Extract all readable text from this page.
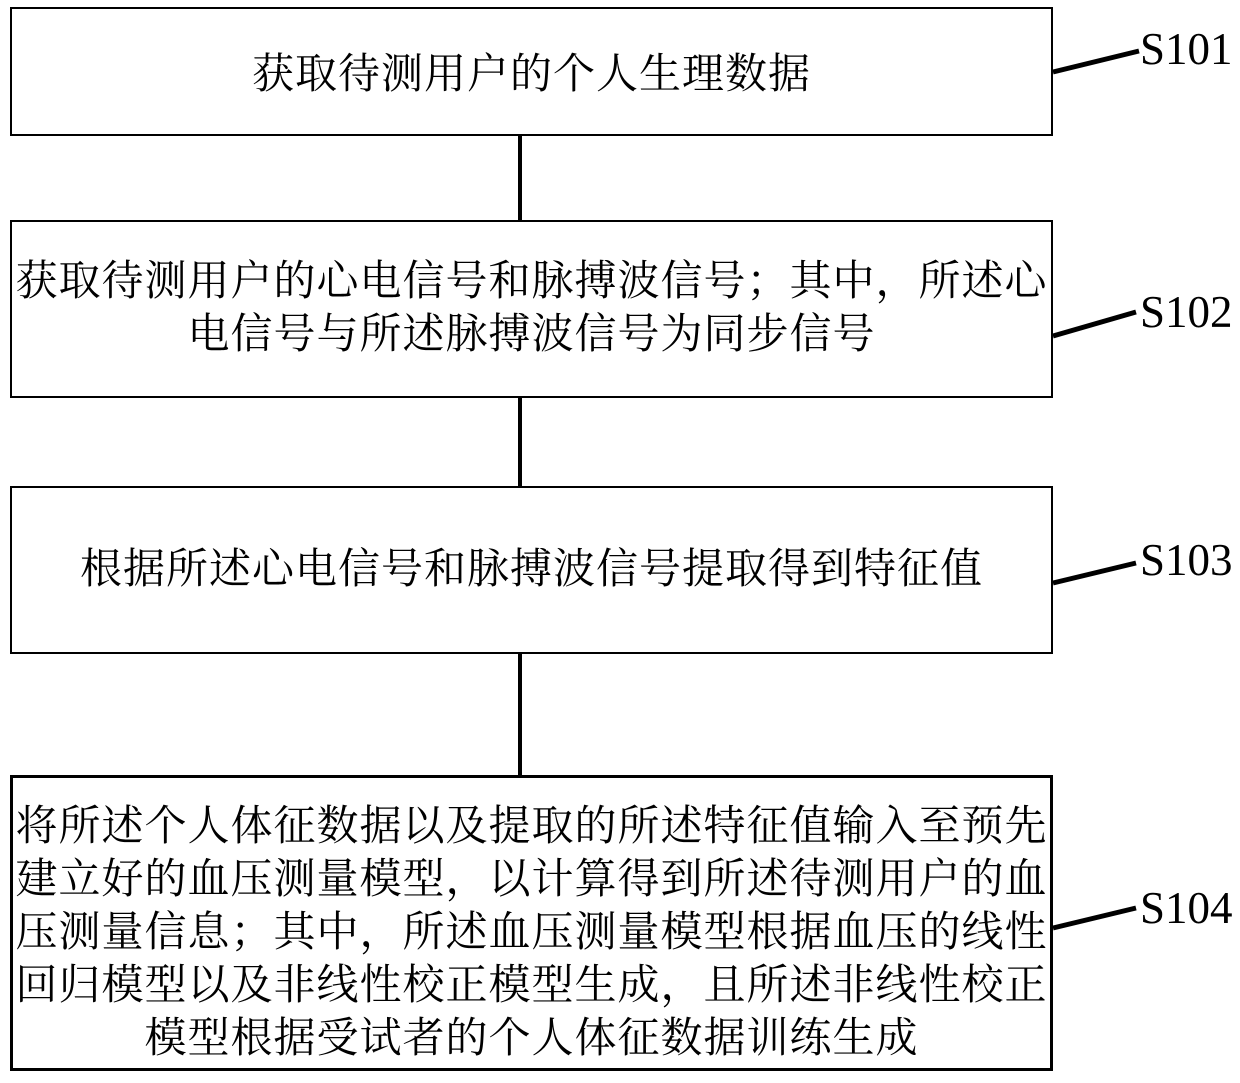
获取待测用户的个人生理数据
获取待测用户的心电信号和脉搏波信号；其中，所述心
电信号与所述脉搏波信号为同步信号
根据所述心电信号和脉搏波信号提取得到特征值
将所述个人体征数据以及提取的所述特征值输入至预先
建立好的血压测量模型，以计算得到所述待测用户的血
压测量信息；其中，所述血压测量模型根据血压的线性
回归模型以及非线性校正模型生成，且所述非线性校正
模型根据受试者的个人体征数据训练生成
S101
S102
S103
S104
